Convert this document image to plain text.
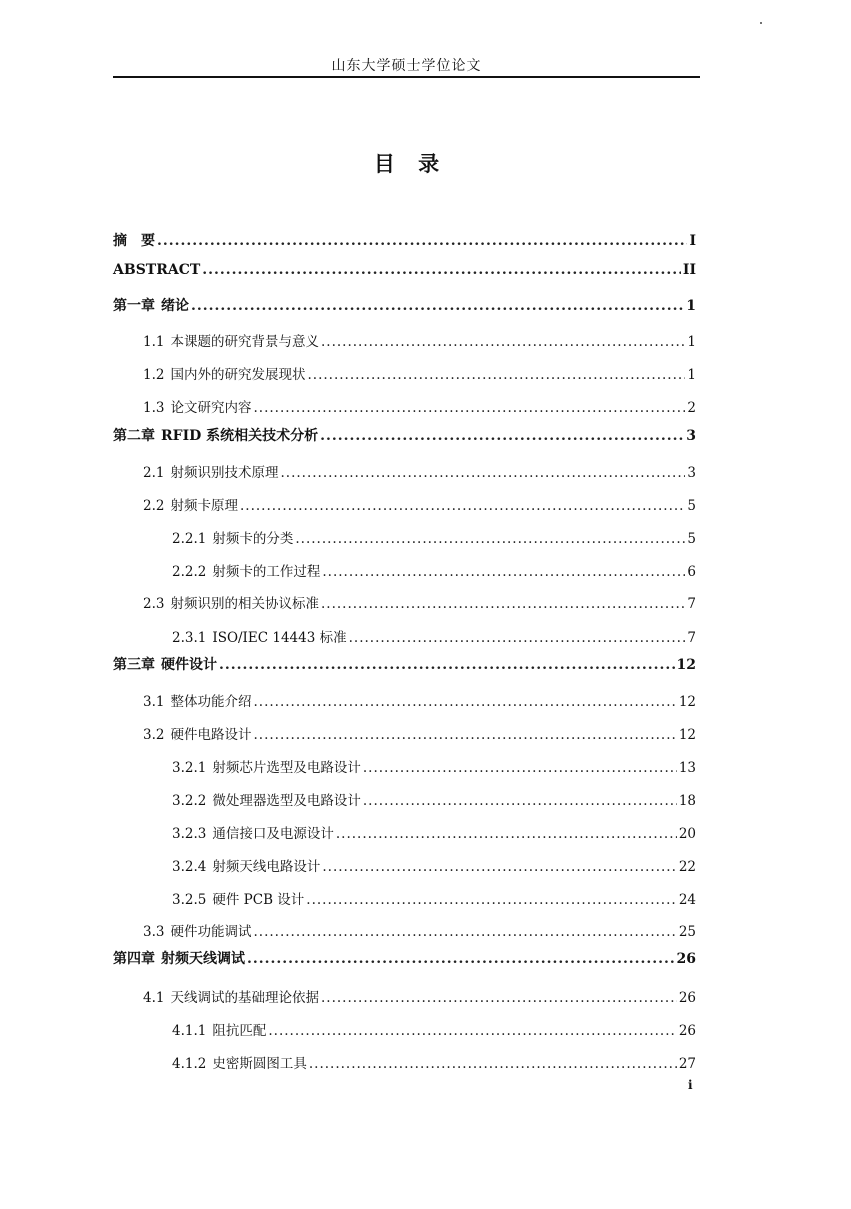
山东大学硕士学位论文
目 录
摘　要 .....	I
ABSTRACT .....	II
第一章 绪论 .....	1
1.1 本课题的研究背景与意义 .....	1
1.2 国内外的研究发展现状 .....	1
1.3 论文研究内容 .....	2
第二章 RFID 系统相关技术分析 .....	3
2.1 射频识别技术原理 .....	3
2.2 射频卡原理 .....	5
2.2.1 射频卡的分类 .....	5
2.2.2 射频卡的工作过程 .....	6
2.3 射频识别的相关协议标准 .....	7
2.3.1 ISO/IEC 14443 标准 .....	7
第三章 硬件设计 .....	12
3.1 整体功能介绍 .....	12
3.2 硬件电路设计 .....	12
3.2.1 射频芯片选型及电路设计 .....	13
3.2.2 微处理器选型及电路设计 .....	18
3.2.3 通信接口及电源设计 .....	20
3.2.4 射频天线电路设计 .....	22
3.2.5 硬件 PCB 设计 .....	24
3.3 硬件功能调试 .....	25
第四章 射频天线调试 .....	26
4.1 天线调试的基础理论依据 .....	26
4.1.1 阻抗匹配 .....	26
4.1.2 史密斯圆图工具 .....	27
i
